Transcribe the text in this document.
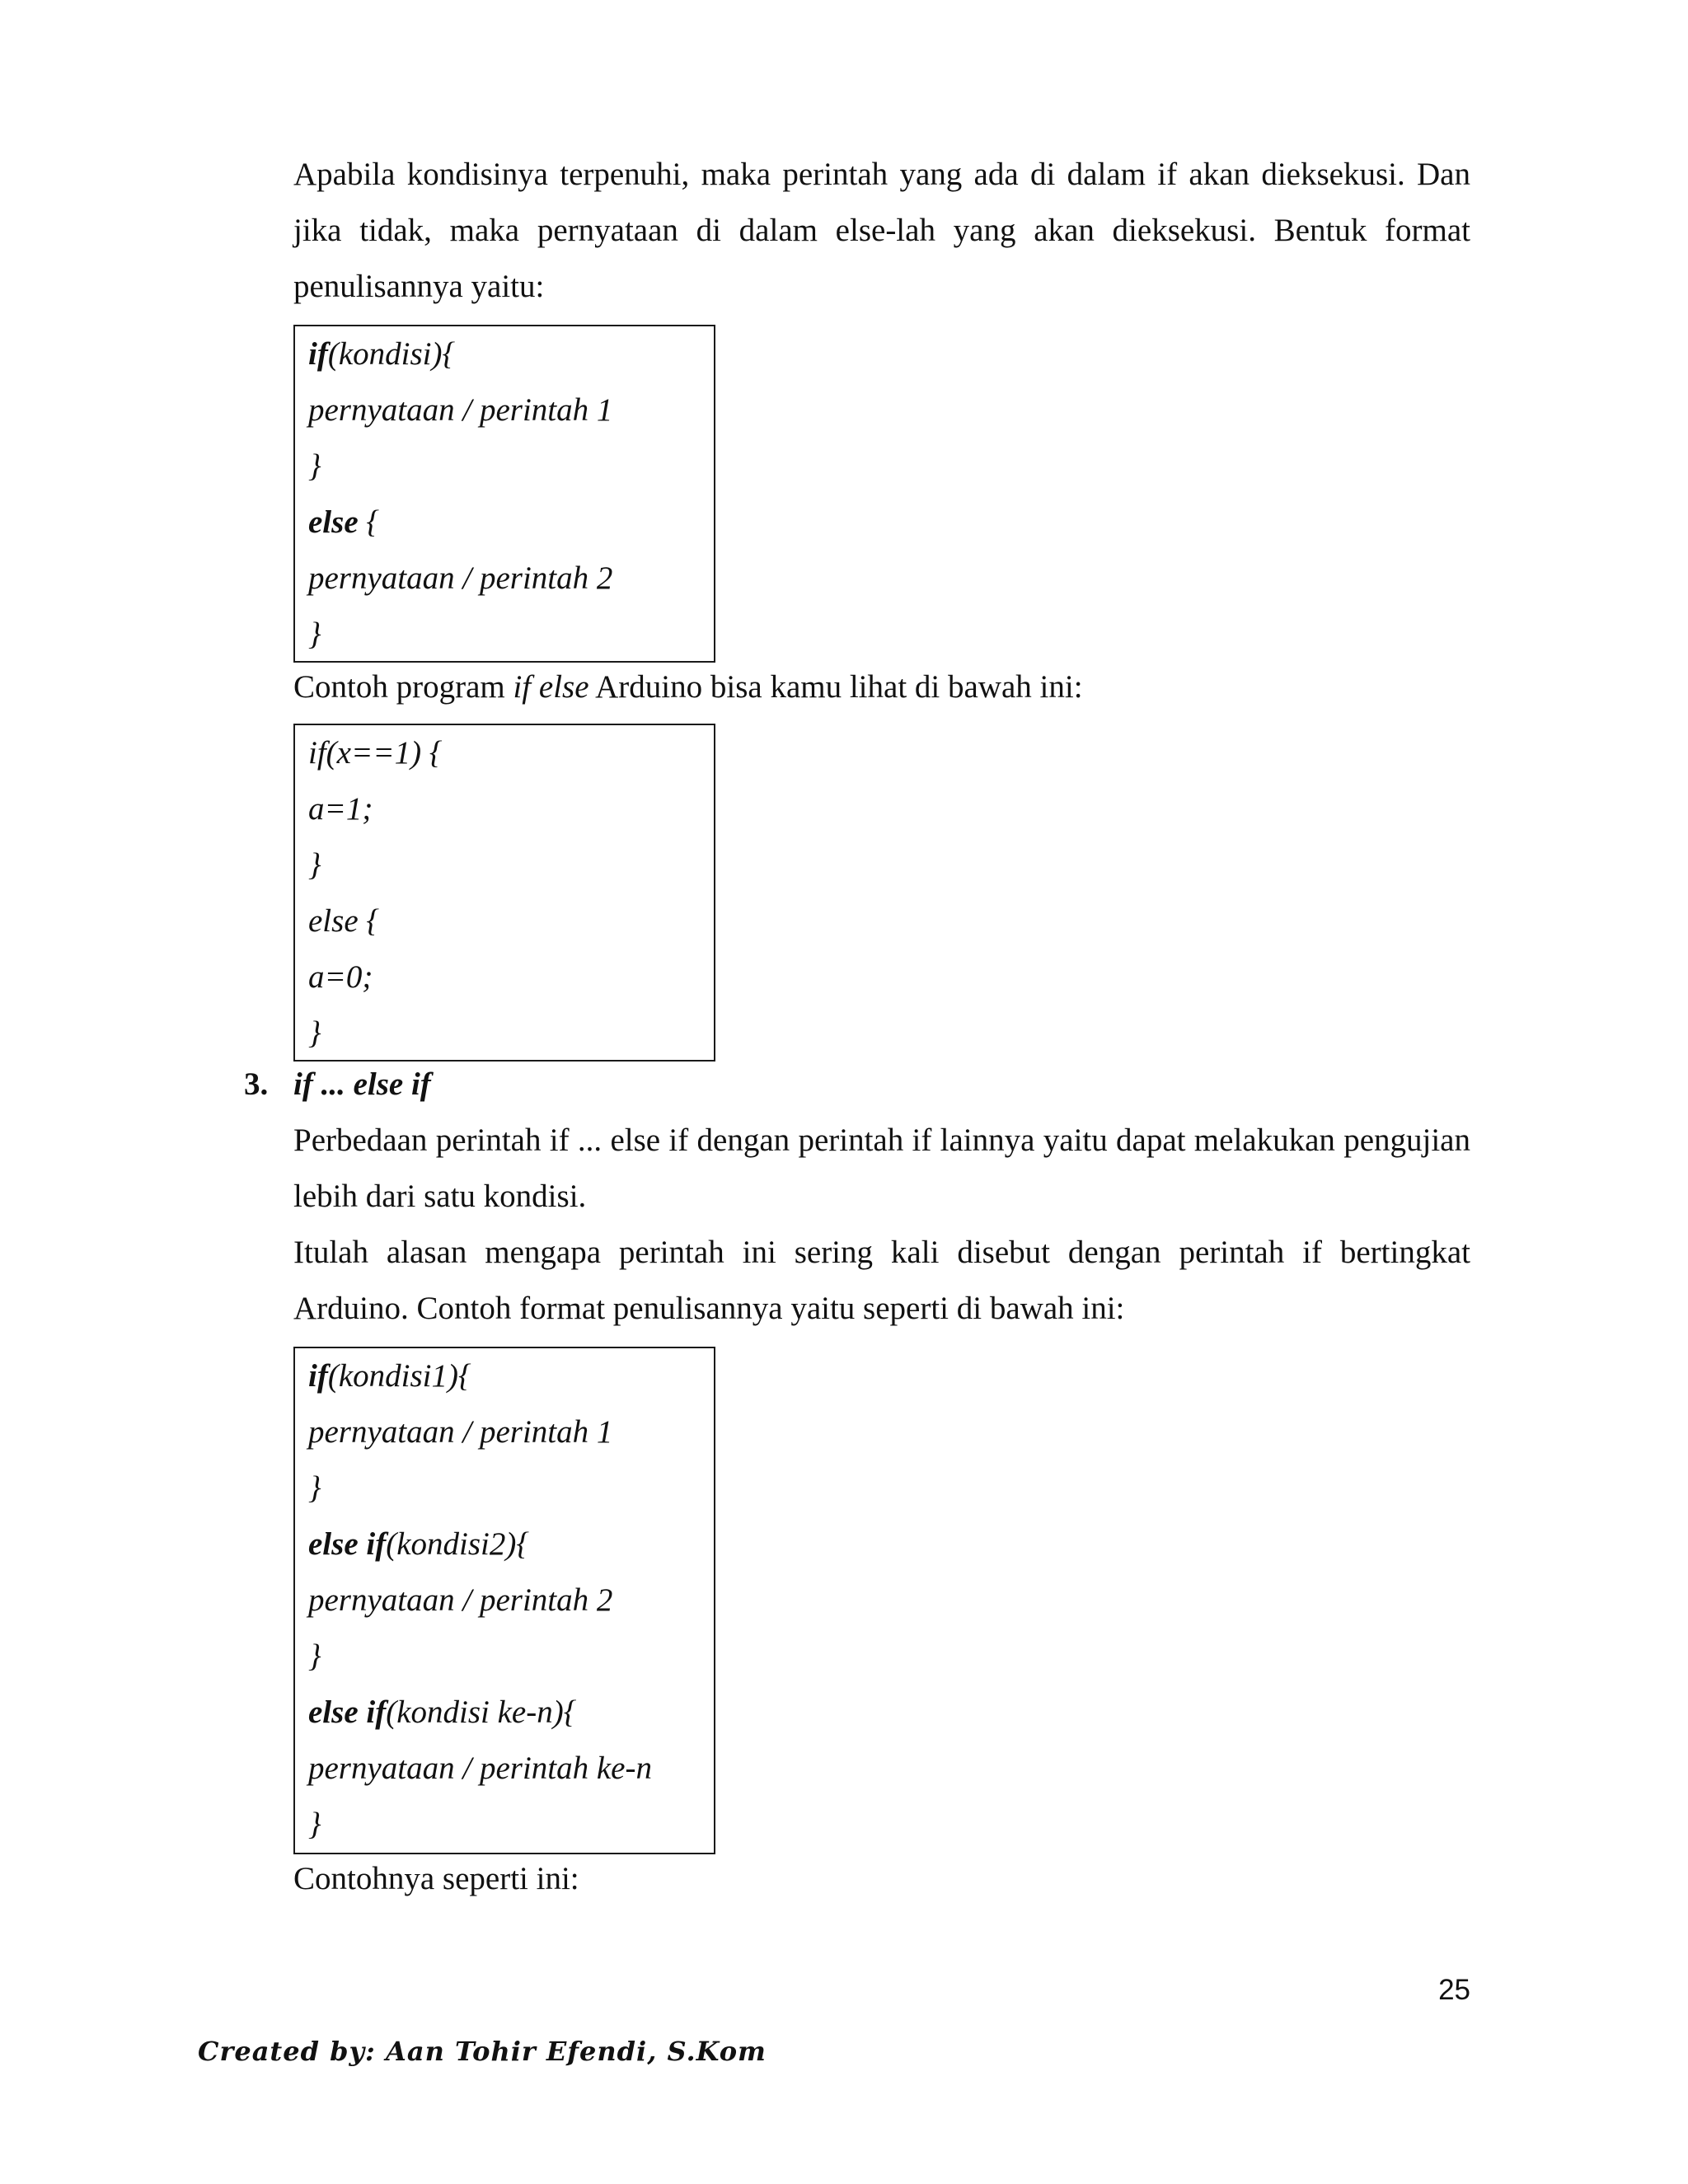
Apabila kondisinya terpenuhi, maka perintah yang ada di dalam if akan dieksekusi. Dan
jika tidak, maka pernyataan di dalam else-lah yang akan dieksekusi. Bentuk format
penulisannya yaitu:
if(kondisi){
pernyataan / perintah 1
}
else {
pernyataan / perintah 2
}
Contoh program if else Arduino bisa kamu lihat di bawah ini:
if(x==1) {
a=1;
}
else {
a=0;
}
3. if ... else if
Perbedaan perintah if ... else if dengan perintah if lainnya yaitu dapat melakukan pengujian
lebih dari satu kondisi.
Itulah alasan mengapa perintah ini sering kali disebut dengan perintah if bertingkat
Arduino. Contoh format penulisannya yaitu seperti di bawah ini:
if(kondisi1){
pernyataan / perintah 1
}
else if(kondisi2){
pernyataan / perintah 2
}
else if(kondisi ke-n){
pernyataan / perintah ke-n
}
Contohnya seperti ini:
25
Created by: Aan Tohir Efendi, S.Kom
